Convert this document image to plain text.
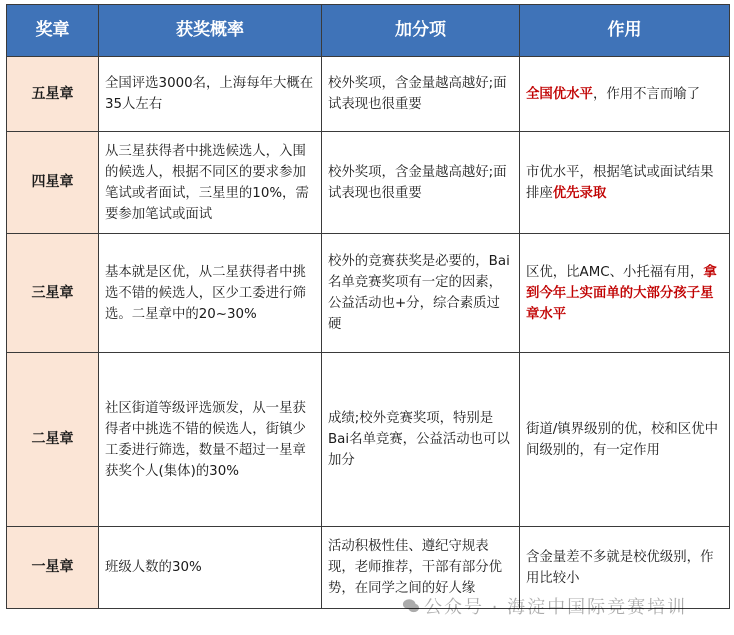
奖章	获奖概率	加分项	作用
五星章	全国评选3000名，上海每年大概在35人左右	校外奖项，含金量越高越好;面试表现也很重要	全国优水平，作用不言而喻了
四星章	从三星获得者中挑选候选人，入围的候选人，根据不同区的要求参加笔试或者面试，三星里的10%，需要参加笔试或面试	校外奖项，含金量越高越好;面试表现也很重要	市优水平，根据笔试或面试结果排座优先录取
三星章	基本就是区优，从二星获得者中挑选不错的候选人，区少工委进行筛选。二星章中的20~30%	校外的竞赛获奖是必要的，Bai名单竞赛奖项有一定的因素，公益活动也+分，综合素质过硬	区优，比AMC、小托福有用，拿到今年上实面单的大部分孩子星章水平
二星章	社区街道等级评选颁发，从一星获得者中挑选不错的候选人，街镇少工委进行筛选，数量不超过一星章获奖个人(集体)的30%	成绩;校外竞赛奖项，特别是Bai名单竞赛，公益活动也可以加分	街道/镇界级别的优，校和区优中间级别的，有一定作用
一星章	班级人数的30%	活动积极性佳、遵纪守规表现，老师推荐，干部有部分优势，在同学之间的好人缘	含金量差不多就是校优级别，作用比较小
公众号 · 海淀中国际竞赛培训
